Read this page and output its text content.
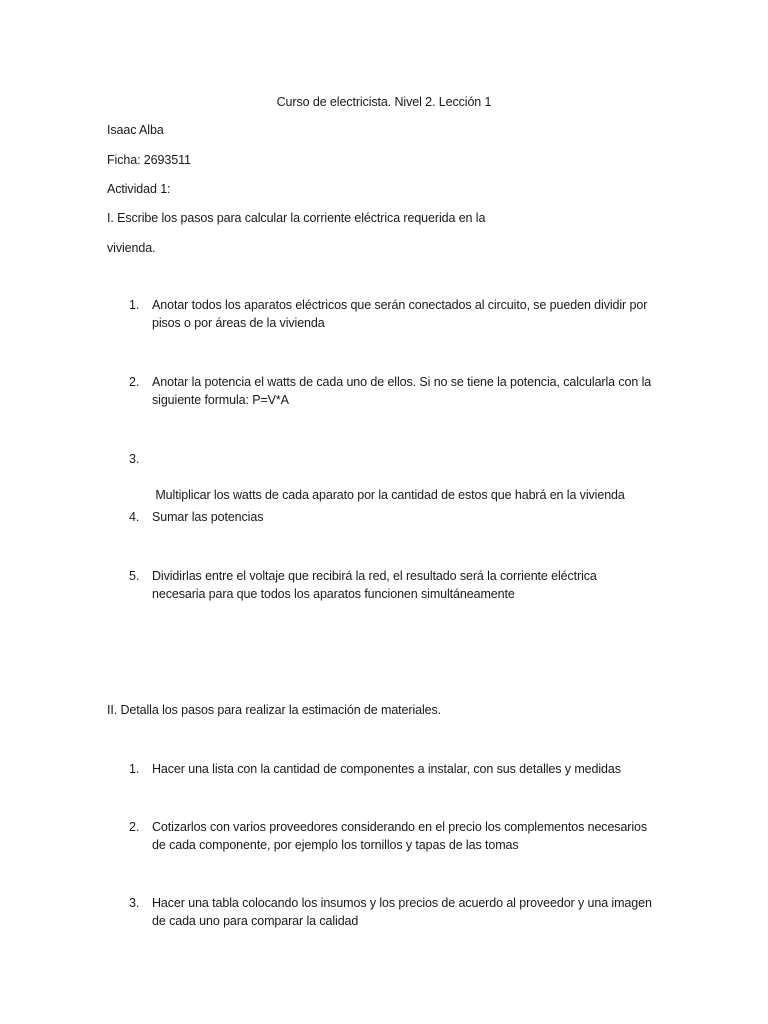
Curso de electricista. Nivel 2. Lección 1
Isaac Alba
Ficha: 2693511
Actividad 1:
I. Escribe los pasos para calcular la corriente eléctrica requerida en la
vivienda.
1. Anotar todos los aparatos eléctricos que serán conectados al circuito, se pueden dividir por
pisos o por áreas de la vivienda
2. Anotar la potencia el watts de cada uno de ellos. Si no se tiene la potencia, calcularla con la
siguiente formula: P=V*A
3.

Multiplicar los watts de cada aparato por la cantidad de estos que habrá en la vivienda

4. Sumar las potencias
5. Dividirlas entre el voltaje que recibirá la red, el resultado será la corriente eléctrica
necesaria para que todos los aparatos funcionen simultáneamente
II. Detalla los pasos para realizar la estimación de materiales.
1. Hacer una lista con la cantidad de componentes a instalar, con sus detalles y medidas
2. Cotizarlos con varios proveedores considerando en el precio los complementos necesarios
de cada componente, por ejemplo los tornillos y tapas de las tomas
3. Hacer una tabla colocando los insumos y los precios de acuerdo al proveedor y una imagen
de cada uno para comparar la calidad
